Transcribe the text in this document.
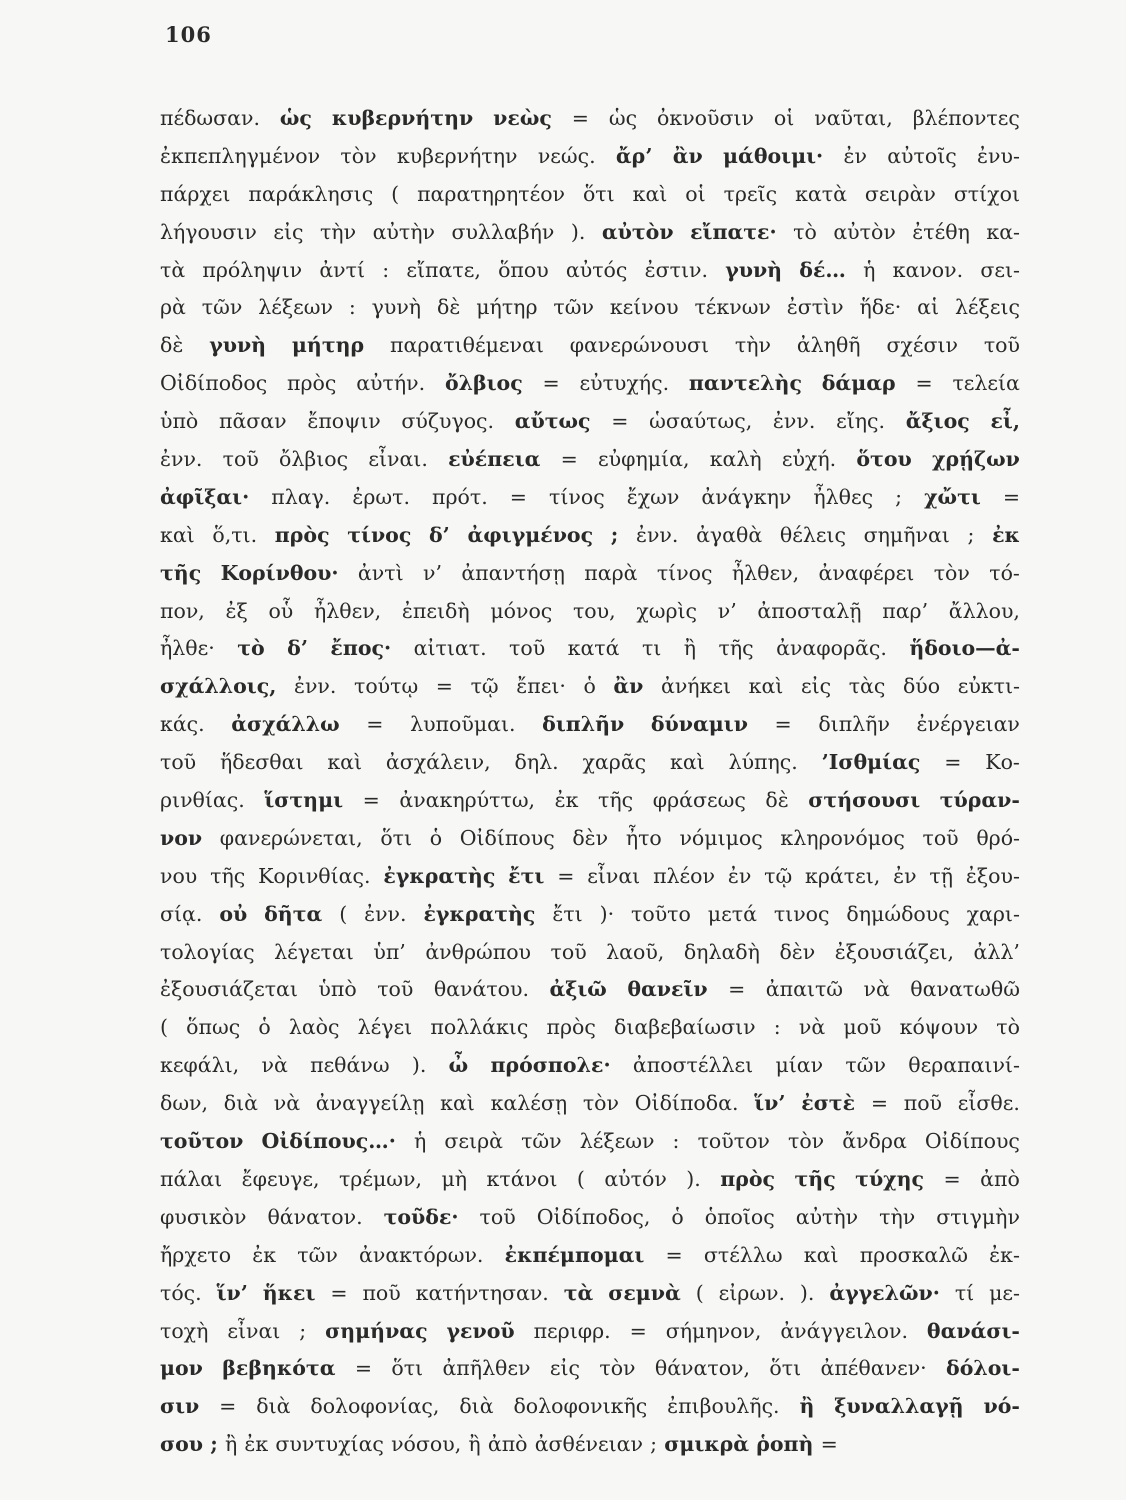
106
πέδωσαν. ὡς κυβερνήτην νεὼς = ὡς ὀκνοῦσιν οἱ ναῦται, βλέποντες
ἐκπεπληγμένον τὸν κυβερνήτην νεώς. ἄρ’ ἂν μάθοιμι· ἐν αὐτοῖς ἐνυ-
πάρχει παράκλησις ( παρατηρητέον ὅτι καὶ οἱ τρεῖς κατὰ σειρὰν στίχοι
λήγουσιν εἰς τὴν αὐτὴν συλλαβήν ). αὐτὸν εἴπατε· τὸ αὐτὸν ἐτέθη κα-
τὰ πρόληψιν ἀντί : εἴπατε, ὅπου αὐτός ἐστιν. γυνὴ δέ… ἡ κανον. σει-
ρὰ τῶν λέξεων : γυνὴ δὲ μήτηρ τῶν κείνου τέκνων ἐστὶν ἥδε· αἱ λέξεις
δὲ γυνὴ μήτηρ παρατιθέμεναι φανερώνουσι τὴν ἀληθῆ σχέσιν τοῦ
Οἰδίποδος πρὸς αὐτήν. ὄλβιος = εὐτυχής. παντελὴς δάμαρ = τελεία
ὑπὸ πᾶσαν ἔποψιν σύζυγος. αὔτως = ὡσαύτως, ἐνν. εἴης. ἄξιος εἶ,
ἐνν. τοῦ ὄλβιος εἶναι. εὐέπεια = εὐφημία, καλὴ εὐχή. ὅτου χρῄζων
ἀφῖξαι· πλαγ. ἐρωτ. πρότ. = τίνος ἔχων ἀνάγκην ἦλθες ; χὤτι =
καὶ ὅ,τι. πρὸς τίνος δ’ ἀφιγμένος ; ἐνν. ἀγαθὰ θέλεις σημῆναι ; ἐκ
τῆς Κορίνθου· ἀντὶ ν’ ἀπαντήσῃ παρὰ τίνος ἦλθεν, ἀναφέρει τὸν τό-
πον, ἐξ οὗ ἦλθεν, ἐπειδὴ μόνος του, χωρὶς ν’ ἀποσταλῇ παρ’ ἄλλου,
ἦλθε· τὸ δ’ ἔπος· αἰτιατ. τοῦ κατά τι ἢ τῆς ἀναφορᾶς. ἥδοιο—ἀ-
σχάλλοις, ἐνν. τούτῳ = τῷ ἔπει· ὁ ἂν ἀνήκει καὶ εἰς τὰς δύο εὐκτι-
κάς. ἀσχάλλω = λυποῦμαι. διπλῆν δύναμιν = διπλῆν ἐνέργειαν
τοῦ ἥδεσθαι καὶ ἀσχάλειν, δηλ. χαρᾶς καὶ λύπης. ’Ισθμίας = Κο-
ρινθίας. ἵστημι = ἀνακηρύττω, ἐκ τῆς φράσεως δὲ στήσουσι τύραν-
νον φανερώνεται, ὅτι ὁ Οἰδίπους δὲν ἦτο νόμιμος κληρονόμος τοῦ θρό-
νου τῆς Κορινθίας. ἐγκρατὴς ἔτι = εἶναι πλέον ἐν τῷ κράτει, ἐν τῇ ἐξου-
σίᾳ. οὐ δῆτα ( ἐνν. ἐγκρατὴς ἔτι )· τοῦτο μετά τινος δημώδους χαρι-
τολογίας λέγεται ὑπ’ ἀνθρώπου τοῦ λαοῦ, δηλαδὴ δὲν ἐξουσιάζει, ἀλλ’
ἐξουσιάζεται ὑπὸ τοῦ θανάτου. ἀξιῶ θανεῖν = ἀπαιτῶ νὰ θανατωθῶ
( ὅπως ὁ λαὸς λέγει πολλάκις πρὸς διαβεβαίωσιν : νὰ μοῦ κόψουν τὸ
κεφάλι, νὰ πεθάνω ). ὦ πρόσπολε· ἀποστέλλει μίαν τῶν θεραπαινί-
δων, διὰ νὰ ἀναγγείλῃ καὶ καλέσῃ τὸν Οἰδίποδα. ἵν’ ἐστὲ = ποῦ εἶσθε.
τοῦτον Οἰδίπους…· ἡ σειρὰ τῶν λέξεων : τοῦτον τὸν ἄνδρα Οἰδίπους
πάλαι ἔφευγε, τρέμων, μὴ κτάνοι ( αὐτόν ). πρὸς τῆς τύχης = ἀπὸ
φυσικὸν θάνατον. τοῦδε· τοῦ Οἰδίποδος, ὁ ὁποῖος αὐτὴν τὴν στιγμὴν
ἤρχετο ἐκ τῶν ἀνακτόρων. ἐκπέμπομαι = στέλλω καὶ προσκαλῶ ἐκ-
τός. ἵν’ ἥκει = ποῦ κατήντησαν. τὰ σεμνὰ ( εἰρων. ). ἀγγελῶν· τί με-
τοχὴ εἶναι ; σημήνας γενοῦ περιφρ. = σήμηνον, ἀνάγγειλον. θανάσι-
μον βεβηκότα = ὅτι ἀπῆλθεν εἰς τὸν θάνατον, ὅτι ἀπέθανεν· δόλοι-
σιν = διὰ δολοφονίας, διὰ δολοφονικῆς ἐπιβουλῆς. ἢ ξυναλλαγῇ νό-
σου ; ἢ ἐκ συντυχίας νόσου, ἢ ἀπὸ ἀσθένειαν ; σμικρὰ ῥοπὴ =
